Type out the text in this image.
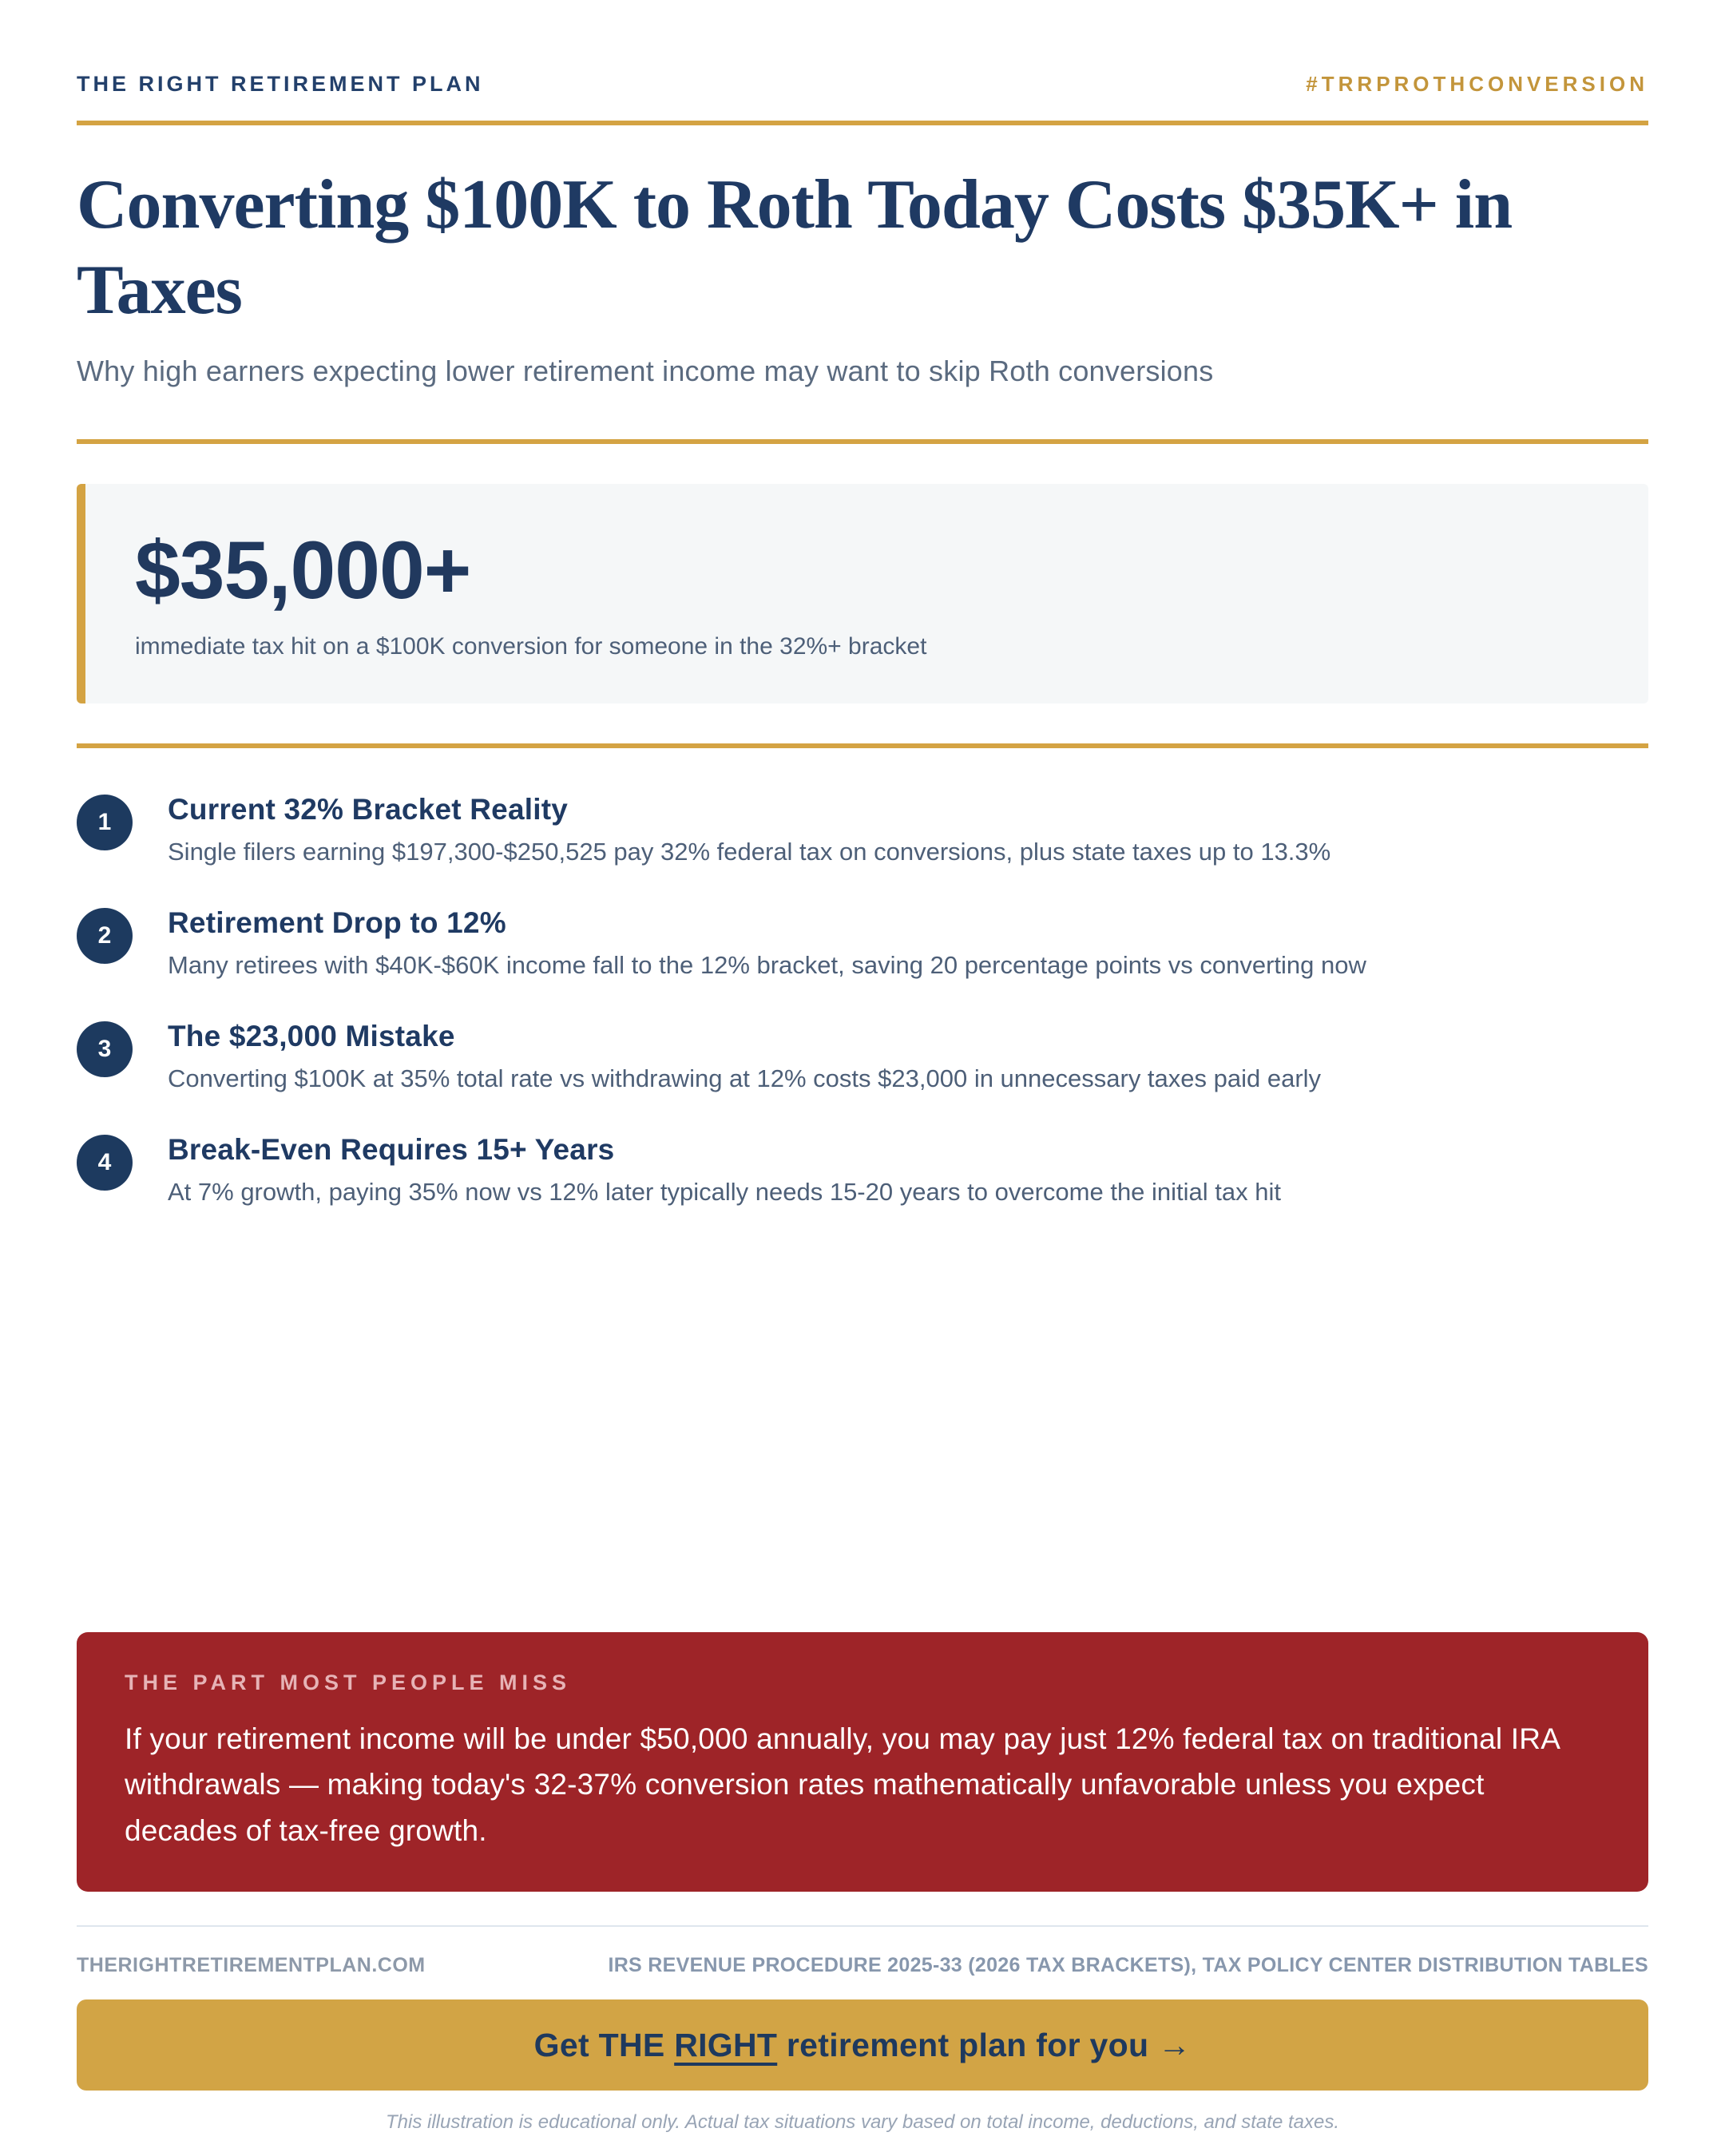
THE RIGHT RETIREMENT PLAN	#TRRPROTHCONVERSION
Converting $100K to Roth Today Costs $35K+ in Taxes
Why high earners expecting lower retirement income may want to skip Roth conversions
$35,000+
immediate tax hit on a $100K conversion for someone in the 32%+ bracket
1	Current 32% Bracket Reality
Single filers earning $197,300-$250,525 pay 32% federal tax on conversions, plus state taxes up to 13.3%
2	Retirement Drop to 12%
Many retirees with $40K-$60K income fall to the 12% bracket, saving 20 percentage points vs converting now
3	The $23,000 Mistake
Converting $100K at 35% total rate vs withdrawing at 12% costs $23,000 in unnecessary taxes paid early
4	Break-Even Requires 15+ Years
At 7% growth, paying 35% now vs 12% later typically needs 15-20 years to overcome the initial tax hit
THE PART MOST PEOPLE MISS
If your retirement income will be under $50,000 annually, you may pay just 12% federal tax on traditional IRA withdrawals — making today's 32-37% conversion rates mathematically unfavorable unless you expect decades of tax-free growth.
THERIGHTRETIREMENTPLAN.COM	IRS REVENUE PROCEDURE 2025-33 (2026 TAX BRACKETS), TAX POLICY CENTER DISTRIBUTION TABLES
Get THE RIGHT retirement plan for you →
This illustration is educational only. Actual tax situations vary based on total income, deductions, and state taxes.
